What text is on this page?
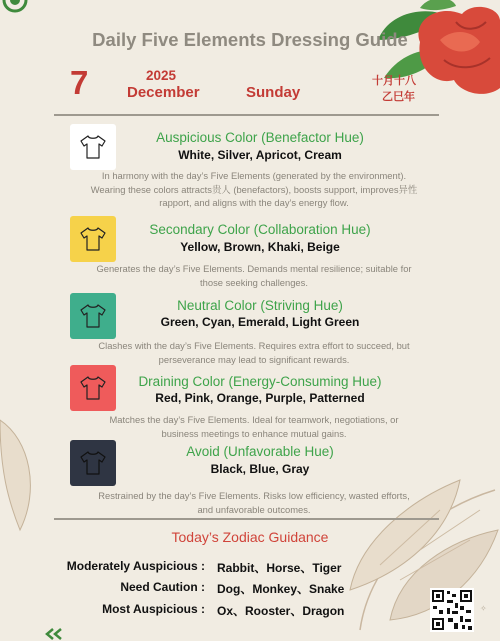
Daily Five Elements Dressing Guide
7	2025
December	Sunday
十月十八
乙巳年
Auspicious Color (Benefactor Hue)
White, Silver, Apricot, Cream
In harmony with the day’s Five Elements (generated by the environment).
Wearing these colors attracts贵人 (benefactors), boosts support, improves异性
rapport, and aligns with the day’s energy flow.
Secondary Color (Collaboration Hue)
Yellow, Brown, Khaki, Beige
Generates the day’s Five Elements. Demands mental resilience; suitable for
those seeking challenges.
Neutral Color (Striving Hue)
Green, Cyan, Emerald, Light Green
Clashes with the day’s Five Elements. Requires extra effort to succeed, but
perseverance may lead to significant rewards.
Draining Color (Energy-Consuming Hue)
Red, Pink, Orange, Purple, Patterned
Matches the day’s Five Elements. Ideal for teamwork, negotiations, or
business meetings to enhance mutual gains.
Avoid (Unfavorable Hue)
Black, Blue, Gray
Restrained by the day’s Five Elements. Risks low efficiency, wasted efforts,
and unfavorable outcomes.
Today’s Zodiac Guidance
Moderately Auspicious : Rabbit、Horse、Tiger
Need Caution : Dog、Monkey、Snake
Most Auspicious : Ox、Rooster、Dragon	✧
